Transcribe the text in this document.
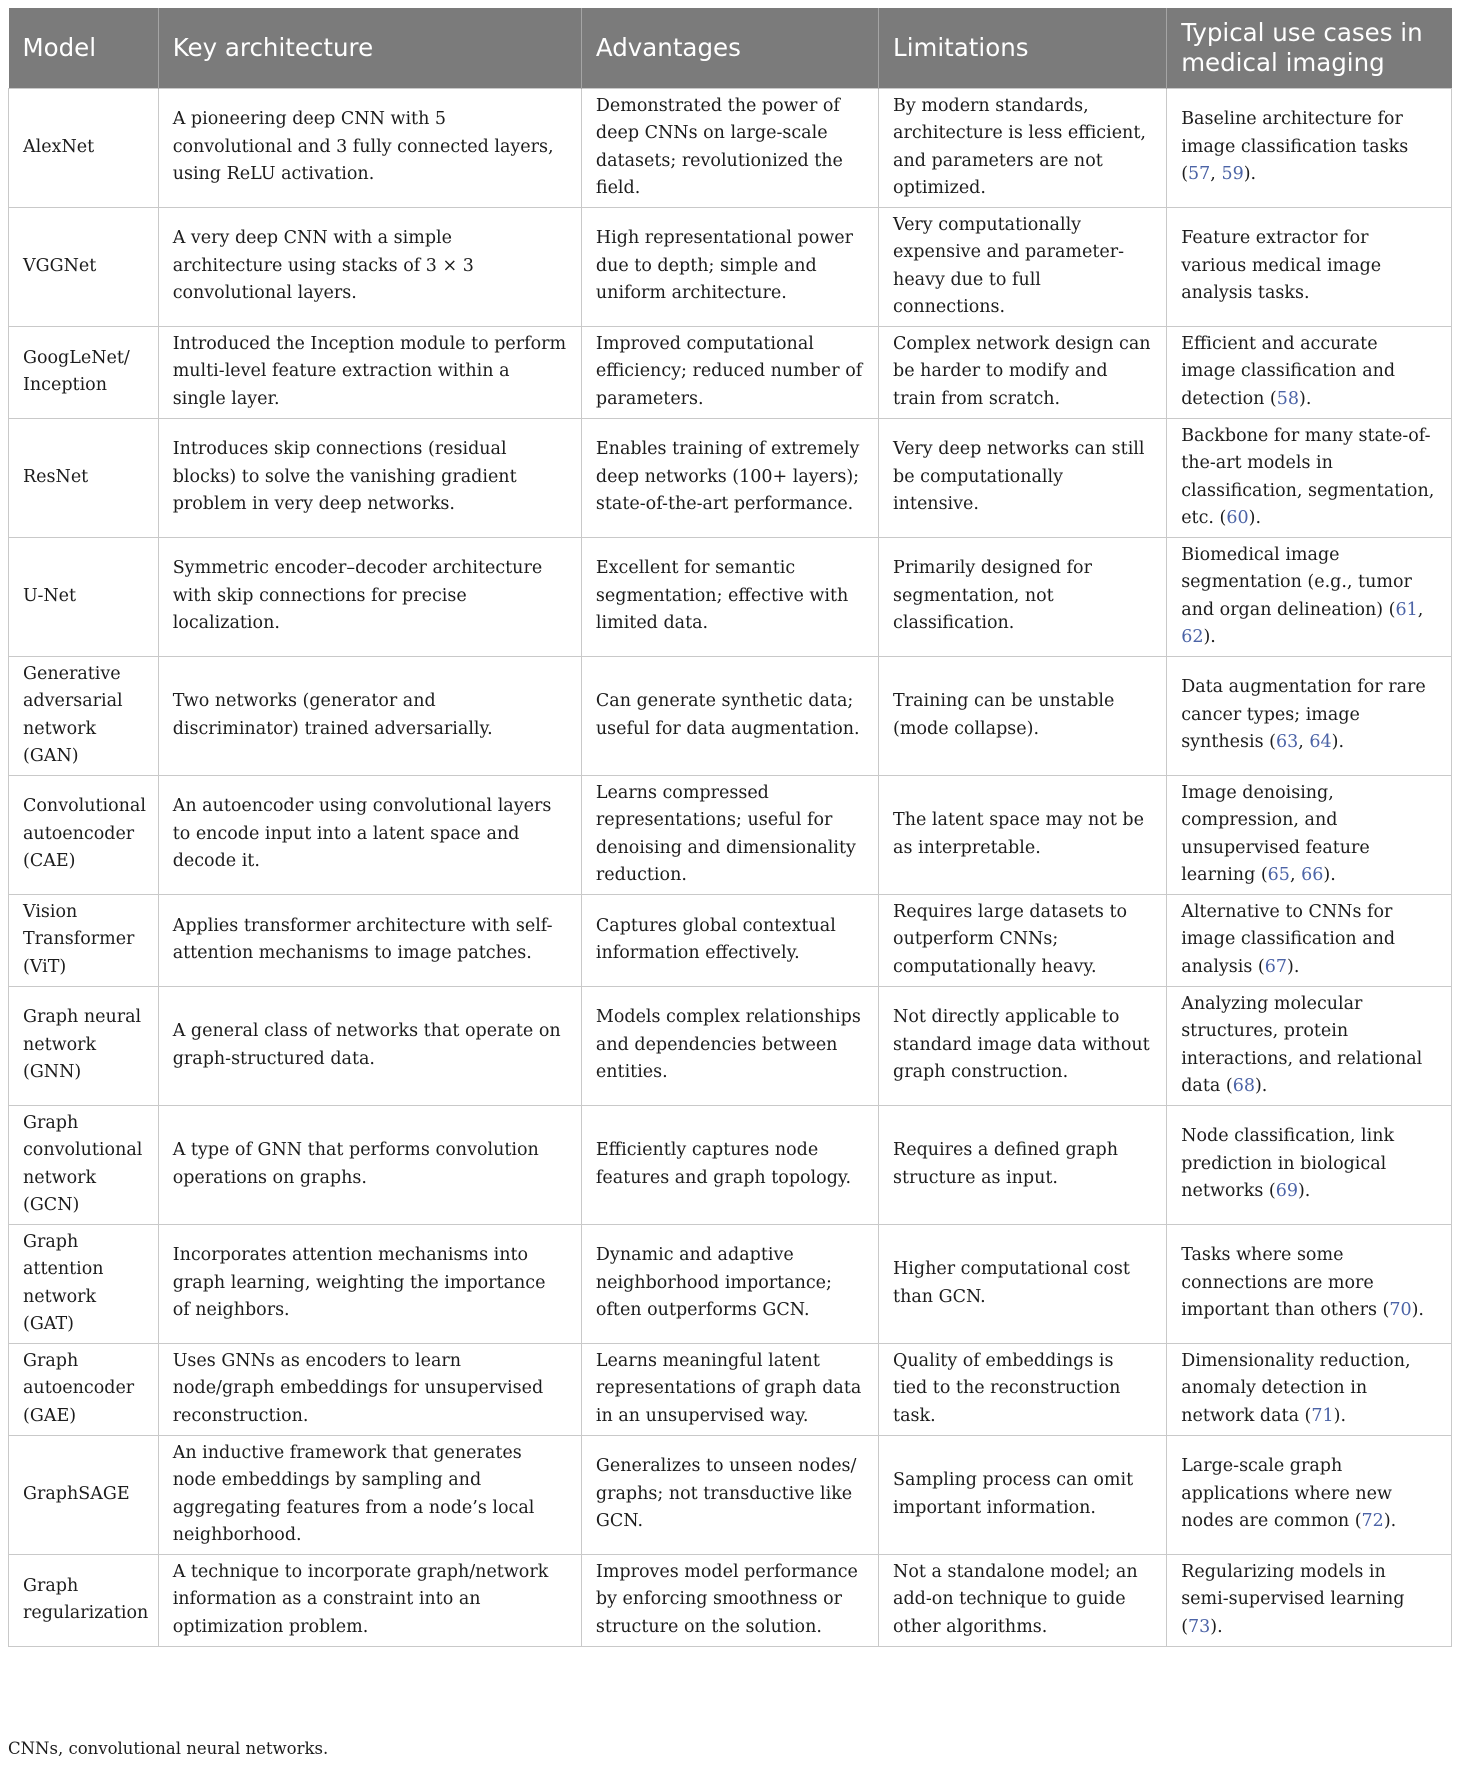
Model	Key architecture	Advantages	Limitations	Typical use cases in medical imaging
AlexNet	A pioneering deep CNN with 5 convolutional and 3 fully connected layers, using ReLU activation.	Demonstrated the power of deep CNNs on large-scale datasets; revolutionized the field.	By modern standards, architecture is less efficient, and parameters are not optimized.	Baseline architecture for image classification tasks (57, 59).
VGGNet	A very deep CNN with a simple architecture using stacks of 3 × 3 convolutional layers.	High representational power due to depth; simple and uniform architecture.	Very computationally expensive and parameter-heavy due to full connections.	Feature extractor for various medical image analysis tasks.
GoogLeNet/ Inception	Introduced the Inception module to perform multi-level feature extraction within a single layer.	Improved computational efficiency; reduced number of parameters.	Complex network design can be harder to modify and train from scratch.	Efficient and accurate image classification and detection (58).
ResNet	Introduces skip connections (residual blocks) to solve the vanishing gradient problem in very deep networks.	Enables training of extremely deep networks (100+ layers); state-of-the-art performance.	Very deep networks can still be computationally intensive.	Backbone for many state-of-the-art models in classification, segmentation, etc. (60).
U-Net	Symmetric encoder–decoder architecture with skip connections for precise localization.	Excellent for semantic segmentation; effective with limited data.	Primarily designed for segmentation, not classification.	Biomedical image segmentation (e.g., tumor and organ delineation) (61, 62).
Generative adversarial network (GAN)	Two networks (generator and discriminator) trained adversarially.	Can generate synthetic data; useful for data augmentation.	Training can be unstable (mode collapse).	Data augmentation for rare cancer types; image synthesis (63, 64).
Convolutional autoencoder (CAE)	An autoencoder using convolutional layers to encode input into a latent space and decode it.	Learns compressed representations; useful for denoising and dimensionality reduction.	The latent space may not be as interpretable.	Image denoising, compression, and unsupervised feature learning (65, 66).
Vision Transformer (ViT)	Applies transformer architecture with self-attention mechanisms to image patches.	Captures global contextual information effectively.	Requires large datasets to outperform CNNs; computationally heavy.	Alternative to CNNs for image classification and analysis (67).
Graph neural network (GNN)	A general class of networks that operate on graph-structured data.	Models complex relationships and dependencies between entities.	Not directly applicable to standard image data without graph construction.	Analyzing molecular structures, protein interactions, and relational data (68).
Graph convolutional network (GCN)	A type of GNN that performs convolution operations on graphs.	Efficiently captures node features and graph topology.	Requires a defined graph structure as input.	Node classification, link prediction in biological networks (69).
Graph attention network (GAT)	Incorporates attention mechanisms into graph learning, weighting the importance of neighbors.	Dynamic and adaptive neighborhood importance; often outperforms GCN.	Higher computational cost than GCN.	Tasks where some connections are more important than others (70).
Graph autoencoder (GAE)	Uses GNNs as encoders to learn node/graph embeddings for unsupervised reconstruction.	Learns meaningful latent representations of graph data in an unsupervised way.	Quality of embeddings is tied to the reconstruction task.	Dimensionality reduction, anomaly detection in network data (71).
GraphSAGE	An inductive framework that generates node embeddings by sampling and aggregating features from a node’s local neighborhood.	Generalizes to unseen nodes/ graphs; not transductive like GCN.	Sampling process can omit important information.	Large-scale graph applications where new nodes are common (72).
Graph regularization	A technique to incorporate graph/network information as a constraint into an optimization problem.	Improves model performance by enforcing smoothness or structure on the solution.	Not a standalone model; an add-on technique to guide other algorithms.	Regularizing models in semi-supervised learning (73).
CNNs, convolutional neural networks.
